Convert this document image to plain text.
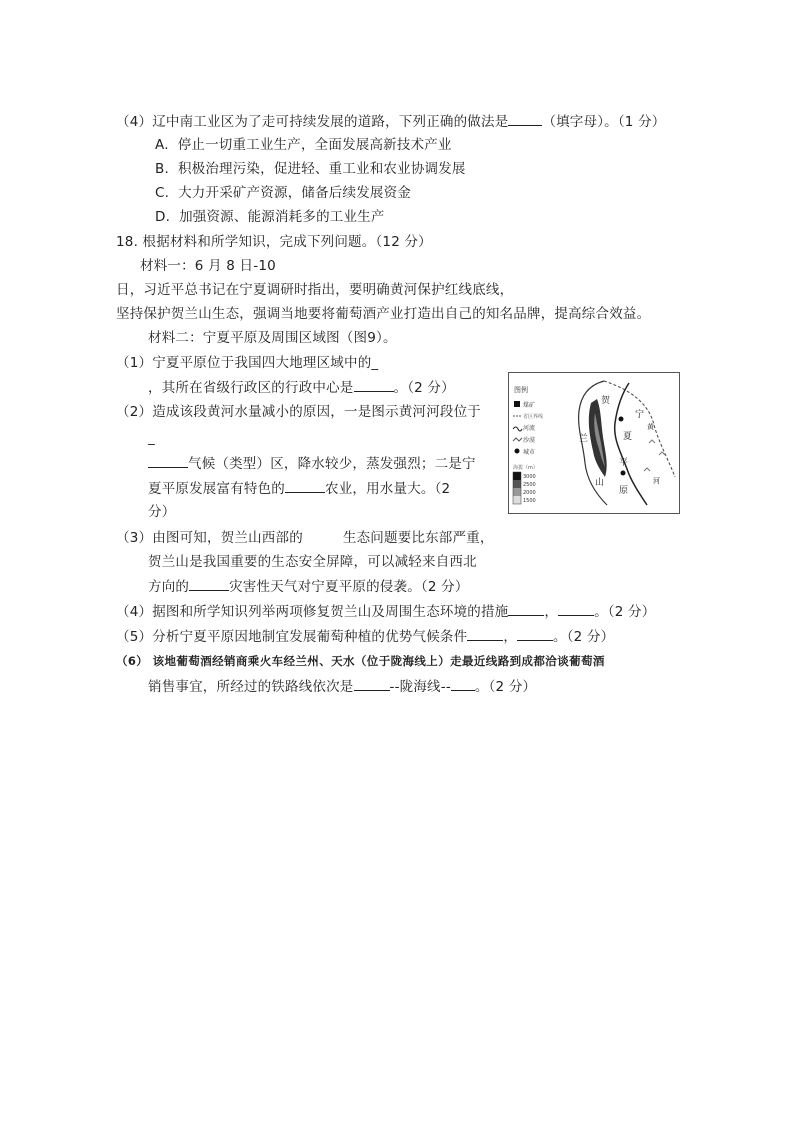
（4）辽中南工业区为了走可持续发展的道路，下列正确的做法是	（填字母）。（1 分）
A. 停止一切重工业生产，全面发展高新技术产业
B. 积极治理污染，促进轻、重工业和农业协调发展
C. 大力开采矿产资源，储备后续发展资金
D. 加强资源、能源消耗多的工业生产
18. 根据材料和所学知识，完成下列问题。（12 分）
材料一：6 月 8 日-10
日，习近平总书记在宁夏调研时指出，要明确黄河保护红线底线，
坚持保护贺兰山生态，强调当地要将葡萄酒产业打造出自己的知名品牌，提高综合效益。
材料二：宁夏平原及周围区域图（图9）。
（1）宁夏平原位于我国四大地理区域中的_
，其所在省级行政区的行政中心是	。（2 分）
（2）造成该段黄河水量减小的原因，一是图示黄河河段位于
_
气候（类型）区，降水较少，蒸发强烈；二是宁
夏平原发展富有特色的	农业，用水量大。（2
分）
（3）由图可知，贺兰山西部的	生态问题要比东部严重，
贺兰山是我国重要的生态安全屏障，可以减轻来自西北
方向的	灾害性天气对宁夏平原的侵袭。（2 分）
（4）据图和所学知识列举两项修复贺兰山及周围生态环境的措施	，	。（2 分）
（5）分析宁夏平原因地制宜发展葡萄种植的优势气候条件	，	。（2 分）
（6） 该地葡萄酒经销商乘火车经兰州、天水（位于陇海线上）走最近线路到成都洽谈葡萄酒
销售事宜，所经过的铁路线依次是	--陇海线-- 。（2 分）
图例
煤矿
省区界线
河流
沙漠
城市
海拔（m）
3000
2500
2000
1500
贺
兰
山
宁
夏
平
原
黄
河
